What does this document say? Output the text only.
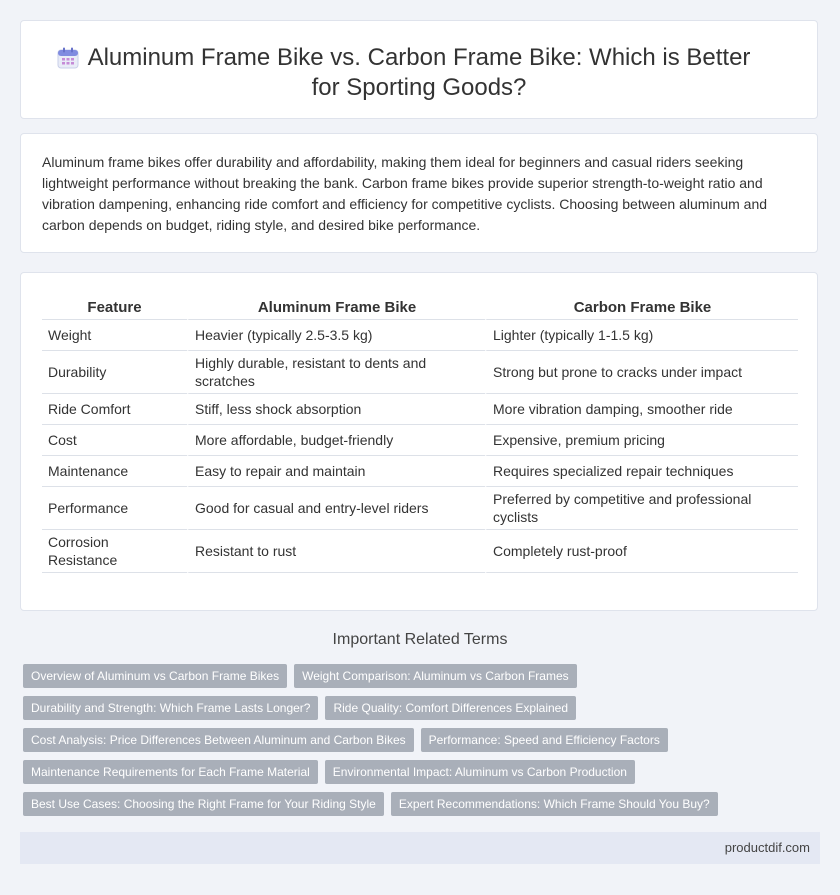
Aluminum Frame Bike vs. Carbon Frame Bike: Which is Better for Sporting Goods?

Aluminum frame bikes offer durability and affordability, making them ideal for beginners and casual riders seeking lightweight performance without breaking the bank. Carbon frame bikes provide superior strength-to-weight ratio and vibration dampening, enhancing ride comfort and efficiency for competitive cyclists. Choosing between aluminum and carbon depends on budget, riding style, and desired bike performance.

Feature	Aluminum Frame Bike	Carbon Frame Bike
Weight	Heavier (typically 2.5-3.5 kg)	Lighter (typically 1-1.5 kg)
Durability	Highly durable, resistant to dents and scratches	Strong but prone to cracks under impact
Ride Comfort	Stiff, less shock absorption	More vibration damping, smoother ride
Cost	More affordable, budget-friendly	Expensive, premium pricing
Maintenance	Easy to repair and maintain	Requires specialized repair techniques
Performance	Good for casual and entry-level riders	Preferred by competitive and professional cyclists
Corrosion Resistance	Resistant to rust	Completely rust-proof
Important Related Terms
Overview of Aluminum vs Carbon Frame Bikes	Weight Comparison: Aluminum vs Carbon Frames
Durability and Strength: Which Frame Lasts Longer?	Ride Quality: Comfort Differences Explained
Cost Analysis: Price Differences Between Aluminum and Carbon Bikes	Performance: Speed and Efficiency Factors
Maintenance Requirements for Each Frame Material	Environmental Impact: Aluminum vs Carbon Production
Best Use Cases: Choosing the Right Frame for Your Riding Style	Expert Recommendations: Which Frame Should You Buy?
productdif.com
